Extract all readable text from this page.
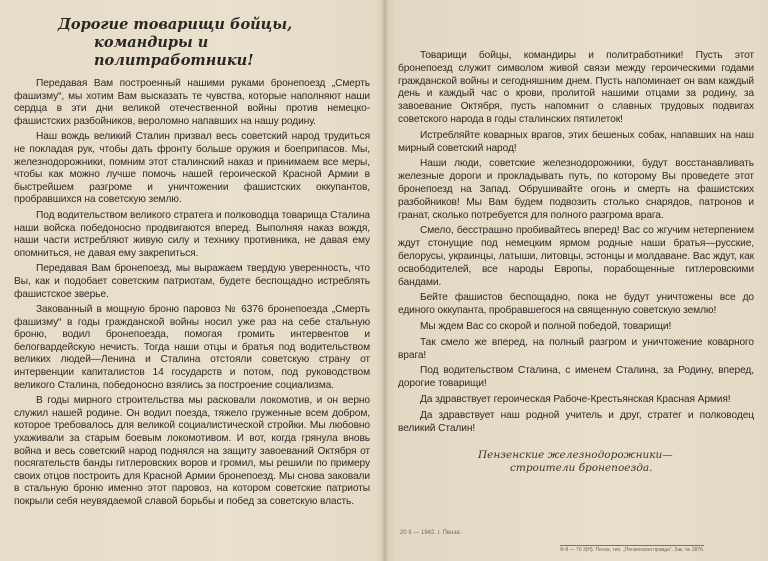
Дорогие товарищи бойцы,
командиры и политработники!

Передавая Вам построенный нашими руками бронепоезд „Смерть фашизму“, мы хотим Вам высказать те чувства, которые наполняют наши сердца в эти дни великой отечественной войны против немецко-фашистских разбойников, вероломно напавших на нашу родину.

Наш вождь великий Сталин призвал весь советский народ трудиться не покладая рук, чтобы дать фронту больше оружия и боеприпасов. Мы, железнодорожники, помним этот сталинский наказ и принимаем все меры, чтобы как можно лучше помочь нашей героической Красной Армии в быстрейшем разгроме и уничтожении фашистских оккупантов, пробравшихся на советскую землю.

Под водительством великого стратега и полководца товарища Сталина наши войска победоносно продвигаются вперед. Выполняя наказ вождя, наши части истребляют живую силу и технику противника, не давая ему опомниться, не давая ему закрепиться.

Передавая Вам бронепоезд, мы выражаем твердую уверенность, что Вы, как и подобает советским патриотам, будете беспощадно истреблять фашистское зверье.

Закованный в мощную броню паровоз № 6376 бронепоезда „Смерть фашизму“ в годы гражданской войны носил уже раз на себе стальную броню, водил бронепоезда, помогая громить интервентов и белогвардейскую нечисть. Тогда наши отцы и братья под водительством великих людей—Ленина и Сталина отстояли советскую страну от интервенции капиталистов 14 государств и потом, под руководством великого Сталина, победоносно взялись за построение социализма.

В годы мирного строительства мы расковали локомотив, и он верно служил нашей родине. Он водил поезда, тяжело груженные всем добром, которое требовалось для великой социалистической стройки. Мы любовно ухаживали за старым боевым локомотивом. И вот, когда грянула вновь война и весь советский народ поднялся на защиту завоеваний Октября от посягательств банды гитлеровских воров и громил, мы решили по примеру своих отцов построить для Красной Армии бронепоезд. Мы снова заковали в стальную броню именно этот паровоз, на котором советские патриоты покрыли себя неувядаемой славой борьбы и побед за советскую власть.

Товарищи бойцы, командиры и политработники! Пусть этот бронепоезд служит символом живой связи между героическими годами гражданской войны и сегодняшним днем. Пусть напоминает он вам каждый день и каждый час о крови, пролитой нашими отцами за родину, за завоевание Октября, пусть напомнит о славных трудовых подвигах советского народа в годы сталинских пятилеток!

Истребляйте коварных врагов, этих бешеных собак, напавших на наш мирный советский народ!

Наши люди, советские железнодорожники, будут восстанавливать железные дороги и прокладывать путь, по которому Вы проведете этот бронепоезд на Запад. Обрушивайте огонь и смерть на фашистских разбойников! Мы Вам будем подвозить столько снарядов, патронов и гранат, сколько потребуется для полного разгрома врага.

Смело, бесстрашно пробивайтесь вперед! Вас со жгучим нетерпением ждут стонущие под немецким ярмом родные наши братья—русские, белорусы, украинцы, латыши, литовцы, эстонцы и молдаване. Вас ждут, как освободителей, все народы Европы, порабощенные гитлеровскими бандами.

Бейте фашистов беспощадно, пока не будут уничтожены все до единого оккупанта, пробравшегося на священную советскую землю!

Мы ждем Вас со скорой и полной победой, товарищи!

Так смело же вперед, на полный разгром и уничтожение коварного врага!

Под водительством Сталина, с именем Сталина, за Родину, вперед, дорогие товарищи!

Да здравствует героическая Рабоче-Крестьянская Красная Армия!

Да здравствует наш родной учитель и друг, стратег и полководец великий Сталин!

Пензенские железнодорожники—
строители бронепоезда.
20 II — 1942. г. Пенза.
Ф-8 — 70 3(H). Пенза, тип. „Пензенская правда“. Зак. № 2876.
